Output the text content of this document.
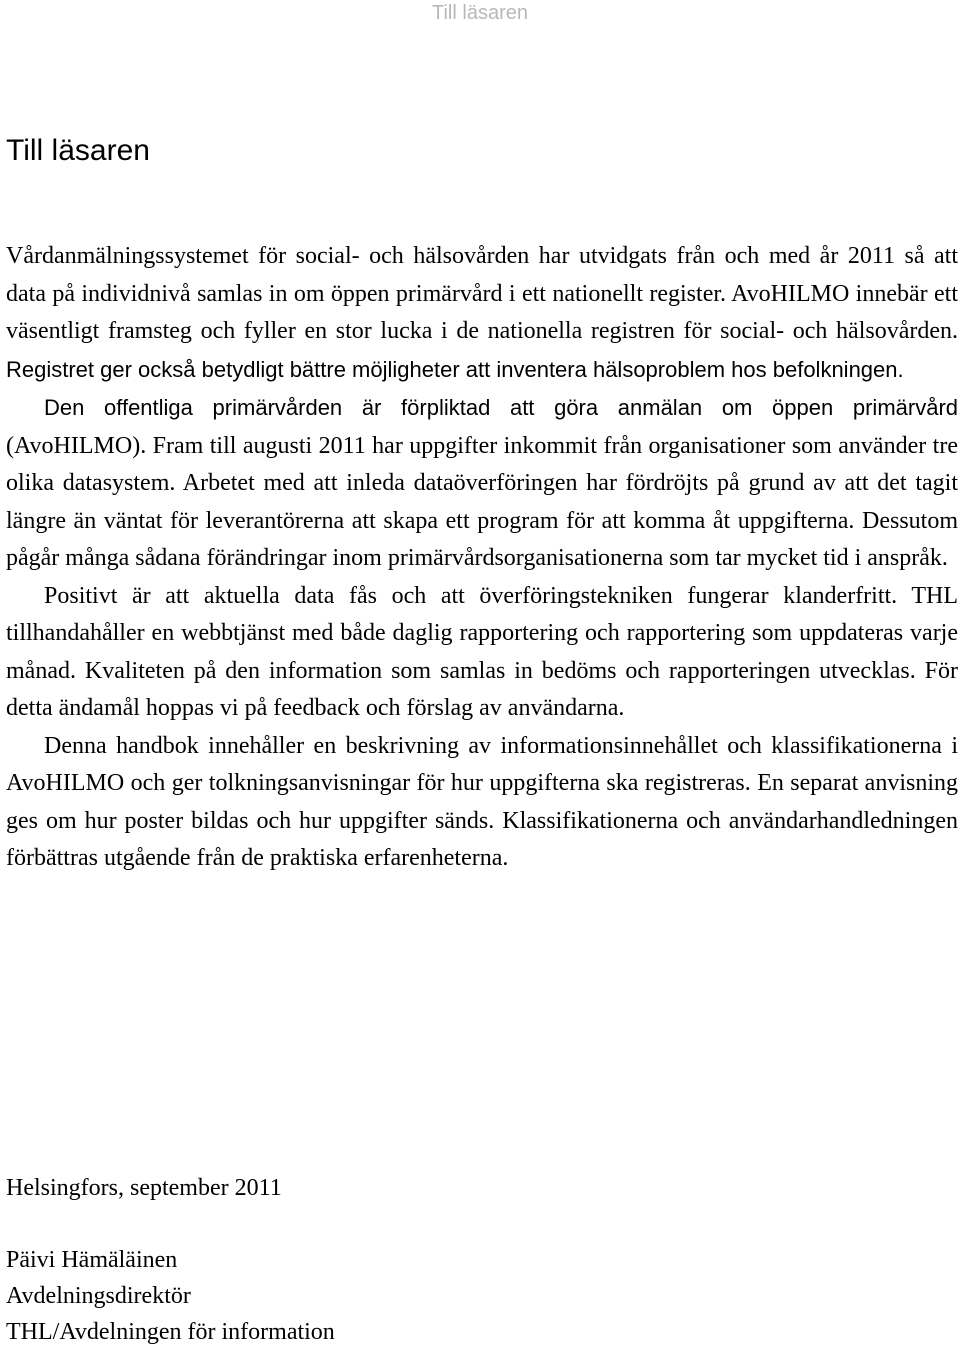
Till läsaren
Till läsaren

Vårdanmälningssystemet för social- och hälsovården har utvidgats från och med år 2011 så att data på individnivå samlas in om öppen primärvård i ett nationellt register. AvoHILMO innebär ett väsentligt framsteg och fyller en stor lucka i de nationella registren för social- och hälsovården. Registret ger också betydligt bättre möjligheter att inventera hälsoproblem hos befolkningen.

Den offentliga primärvården är förpliktad att göra anmälan om öppen primärvård (AvoHILMO). Fram till augusti 2011 har uppgifter inkommit från organisationer som använder tre olika datasystem. Arbetet med att inleda dataöverföringen har fördröjts på grund av att det tagit längre än väntat för leverantörerna att skapa ett program för att komma åt uppgifterna. Dessutom pågår många sådana förändringar inom primärvårdsorganisationerna som tar mycket tid i anspråk.

Positivt är att aktuella data fås och att överföringstekniken fungerar klanderfritt. THL tillhandahåller en webbtjänst med både daglig rapportering och rapportering som uppdateras varje månad. Kvaliteten på den information som samlas in bedöms och rapporteringen utvecklas. För detta ändamål hoppas vi på feedback och förslag av användarna.

Denna handbok innehåller en beskrivning av informationsinnehållet och klassifikationerna i AvoHILMO och ger tolkningsanvisningar för hur uppgifterna ska registreras. En separat anvisning ges om hur poster bildas och hur uppgifter sänds. Klassifikationerna och användarhandledningen förbättras utgående från de praktiska erfarenheterna.

Helsingfors, september 2011

Päivi Hämäläinen

Avdelningsdirektör

THL/Avdelningen för information
